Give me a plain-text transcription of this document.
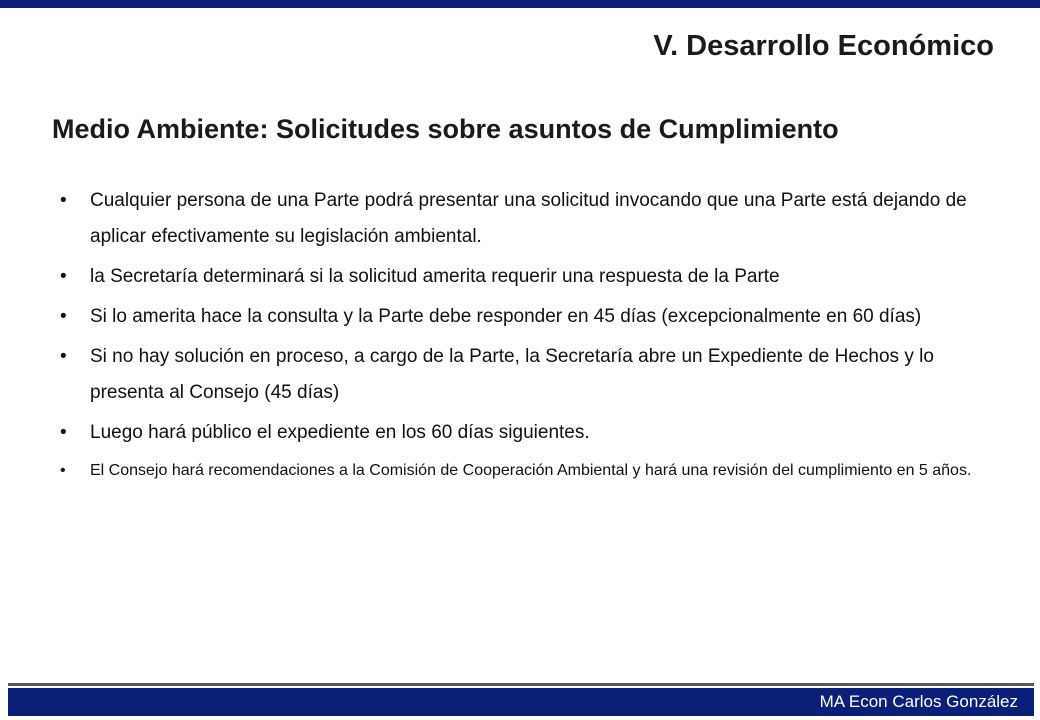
V. Desarrollo Económico
Medio Ambiente: Solicitudes sobre asuntos de Cumplimiento
• Cualquier persona de una Parte podrá presentar una solicitud invocando que una Parte está dejando de aplicar efectivamente su legislación ambiental.
• la Secretaría determinará si la solicitud amerita requerir una respuesta de la Parte
• Si lo amerita hace la consulta y la Parte debe responder en 45 días (excepcionalmente en 60 días)
• Si no hay solución en proceso, a cargo de la Parte, la Secretaría abre un Expediente de Hechos y lo presenta al Consejo (45 días)
• Luego hará público el expediente en los 60 días siguientes.
• El Consejo hará recomendaciones a la Comisión de Cooperación Ambiental y hará una revisión del cumplimiento en 5 años.
MA Econ Carlos González
